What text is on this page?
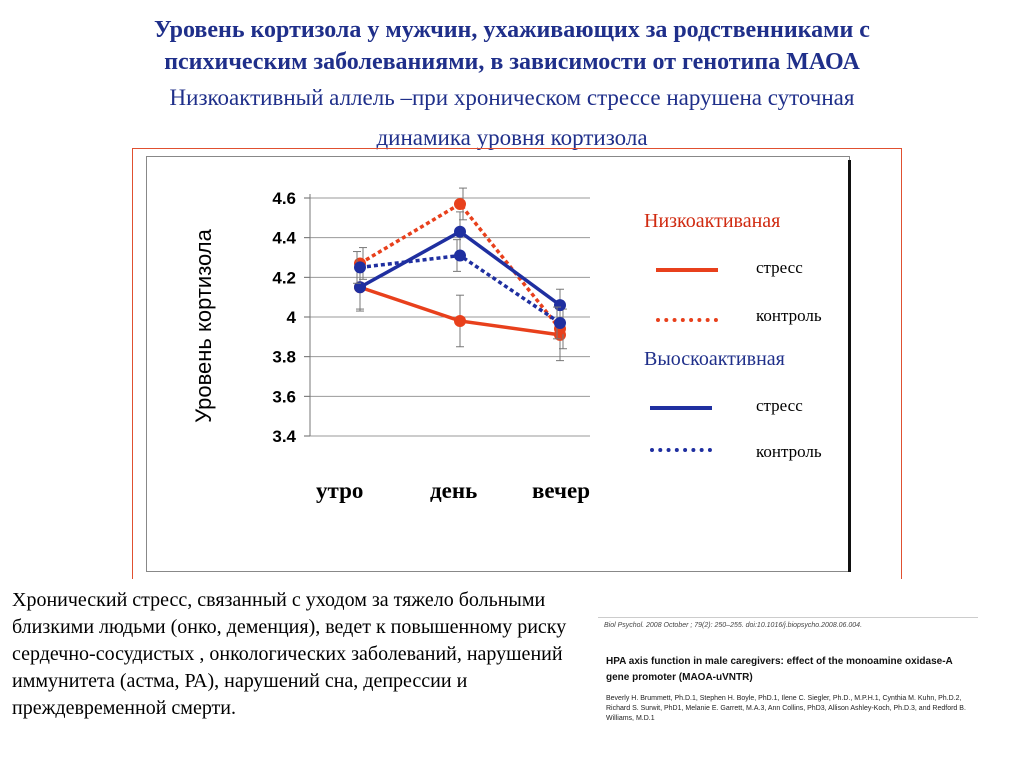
Уровень кортизола у мужчин, ухаживающих за родственниками с
психическим заболеваниями, в зависимости от генотипа МАОА
Низкоактивный аллель –при хроническом стрессе нарушена суточная
динамика уровня кортизола
4.6
4.4
4.2
4
3.8
3.6
3.4
Уровень кортизола
утро	день вечер
Низкоактиваная
стресс
контроль
Выоскоактивная
стресс
контроль
Хронический стресс, связанный с уходом за тяжело больными близкими людьми (онко, деменция), ведет к повышенному риску сердечно-сосудистых , онкологических заболеваний, нарушений иммунитета (астма, РА), нарушений сна, депрессии и преждевременной смерти.
Biol Psychol. 2008 October ; 79(2): 250–255. doi:10.1016/j.biopsycho.2008.06.004.
HPA axis function in male caregivers: effect of the monoamine oxidase-A gene promoter (MAOA-uVNTR)
Beverly H. Brummett, Ph.D.1, Stephen H. Boyle, PhD.1, Ilene C. Siegler, Ph.D., M.P.H.1, Cynthia M. Kuhn, Ph.D.2, Richard S. Surwit, PhD1, Melanie E. Garrett, M.A.3, Ann Collins, PhD3, Allison Ashley-Koch, Ph.D.3, and Redford B. Williams, M.D.1
